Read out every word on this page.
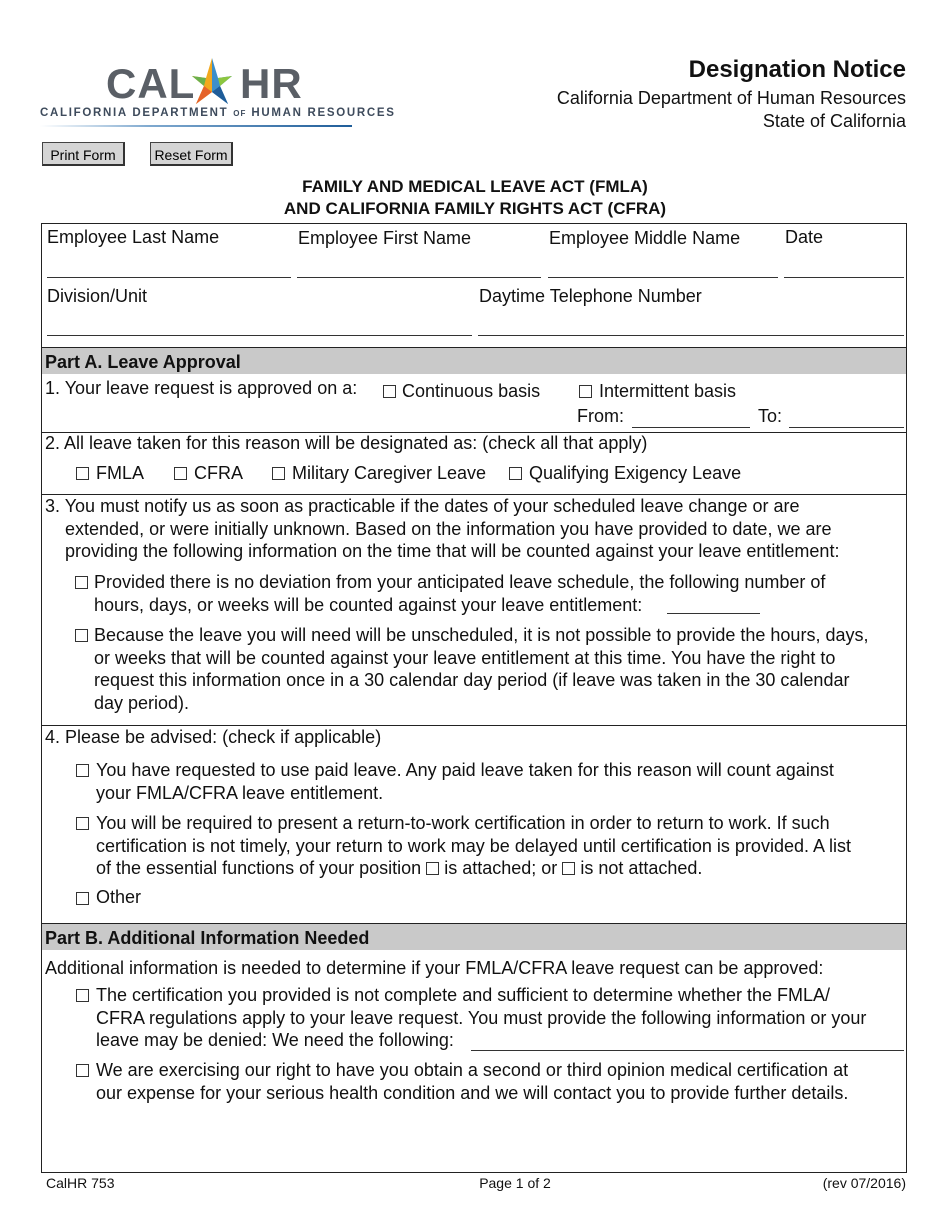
CAL HR
CALIFORNIA DEPARTMENT OF HUMAN RESOURCES
Designation Notice
California Department of Human Resources
State of California
Print Form	Reset Form
FAMILY AND MEDICAL LEAVE ACT (FMLA)
AND CALIFORNIA FAMILY RIGHTS ACT (CFRA)
Employee Last Name	Employee First Name	Employee Middle Name Date
Division/Unit	Daytime Telephone Number
Part A. Leave Approval
1. Your leave request is approved on a: Continuous basis	Intermittent basis
From:	To:
2. All leave taken for this reason will be designated as: (check all that apply)
FMLA	CFRA	Military Caregiver Leave Qualifying Exigency Leave
3. You must notify us as soon as practicable if the dates of your scheduled leave change or are
extended, or were initially unknown. Based on the information you have provided to date, we are
providing the following information on the time that will be counted against your leave entitlement:
Provided there is no deviation from your anticipated leave schedule, the following number of
hours, days, or weeks will be counted against your leave entitlement:
Because the leave you will need will be unscheduled, it is not possible to provide the hours, days,
or weeks that will be counted against your leave entitlement at this time. You have the right to
request this information once in a 30 calendar day period (if leave was taken in the 30 calendar
day period).
4. Please be advised: (check if applicable)
You have requested to use paid leave. Any paid leave taken for this reason will count against
your FMLA/CFRA leave entitlement.
You will be required to present a return-to-work certification in order to return to work. If such
certification is not timely, your return to work may be delayed until certification is provided. A list
of the essential functions of your position is attached; or is not attached.
Other
Part B. Additional Information Needed
Additional information is needed to determine if your FMLA/CFRA leave request can be approved:
The certification you provided is not complete and sufficient to determine whether the FMLA/
CFRA regulations apply to your leave request. You must provide the following information or your
leave may be denied: We need the following:
We are exercising our right to have you obtain a second or third opinion medical certification at
our expense for your serious health condition and we will contact you to provide further details.
CalHR 753	Page 1 of 2	(rev 07/2016)
